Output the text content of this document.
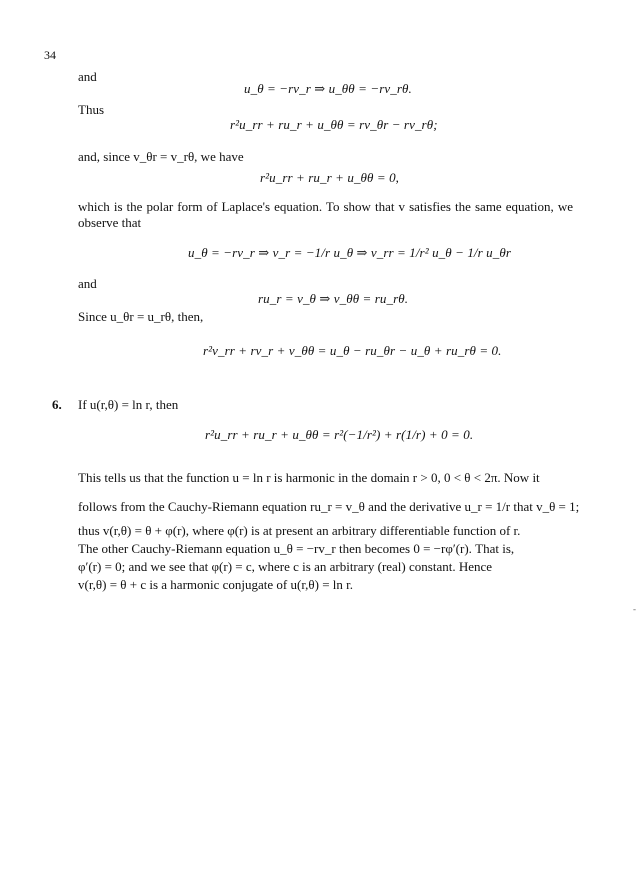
34
and
u_θ = −rv_r ⇒ u_θθ = −rv_rθ.
Thus
r²u_rr + ru_r + u_θθ = rv_θr − rv_rθ;
and, since v_θr = v_rθ, we have
r²u_rr + ru_r + u_θθ = 0,
which is the polar form of Laplace's equation. To show that v satisfies the same equation, we observe that
u_θ = −rv_r ⇒ v_r = −1/r u_θ ⇒ v_rr = 1/r² u_θ − 1/r u_θr
and
ru_r = v_θ ⇒ v_θθ = ru_rθ.
Since u_θr = u_rθ, then,
r²v_rr + rv_r + v_θθ = u_θ − ru_θr − u_θ + ru_rθ = 0.
6. If u(r,θ) = ln r, then
r²u_rr + ru_r + u_θθ = r²(−1/r²) + r(1/r) + 0 = 0.
This tells us that the function u = ln r is harmonic in the domain r > 0, 0 < θ < 2π. Now it
follows from the Cauchy-Riemann equation ru_r = v_θ and the derivative u_r = 1/r that v_θ = 1;
thus v(r,θ) = θ + φ(r), where φ(r) is at present an arbitrary differentiable function of r.
The other Cauchy-Riemann equation u_θ = −rv_r then becomes 0 = −rφ′(r). That is,
φ′(r) = 0; and we see that φ(r) = c, where c is an arbitrary (real) constant. Hence
v(r,θ) = θ + c is a harmonic conjugate of u(r,θ) = ln r.
-
